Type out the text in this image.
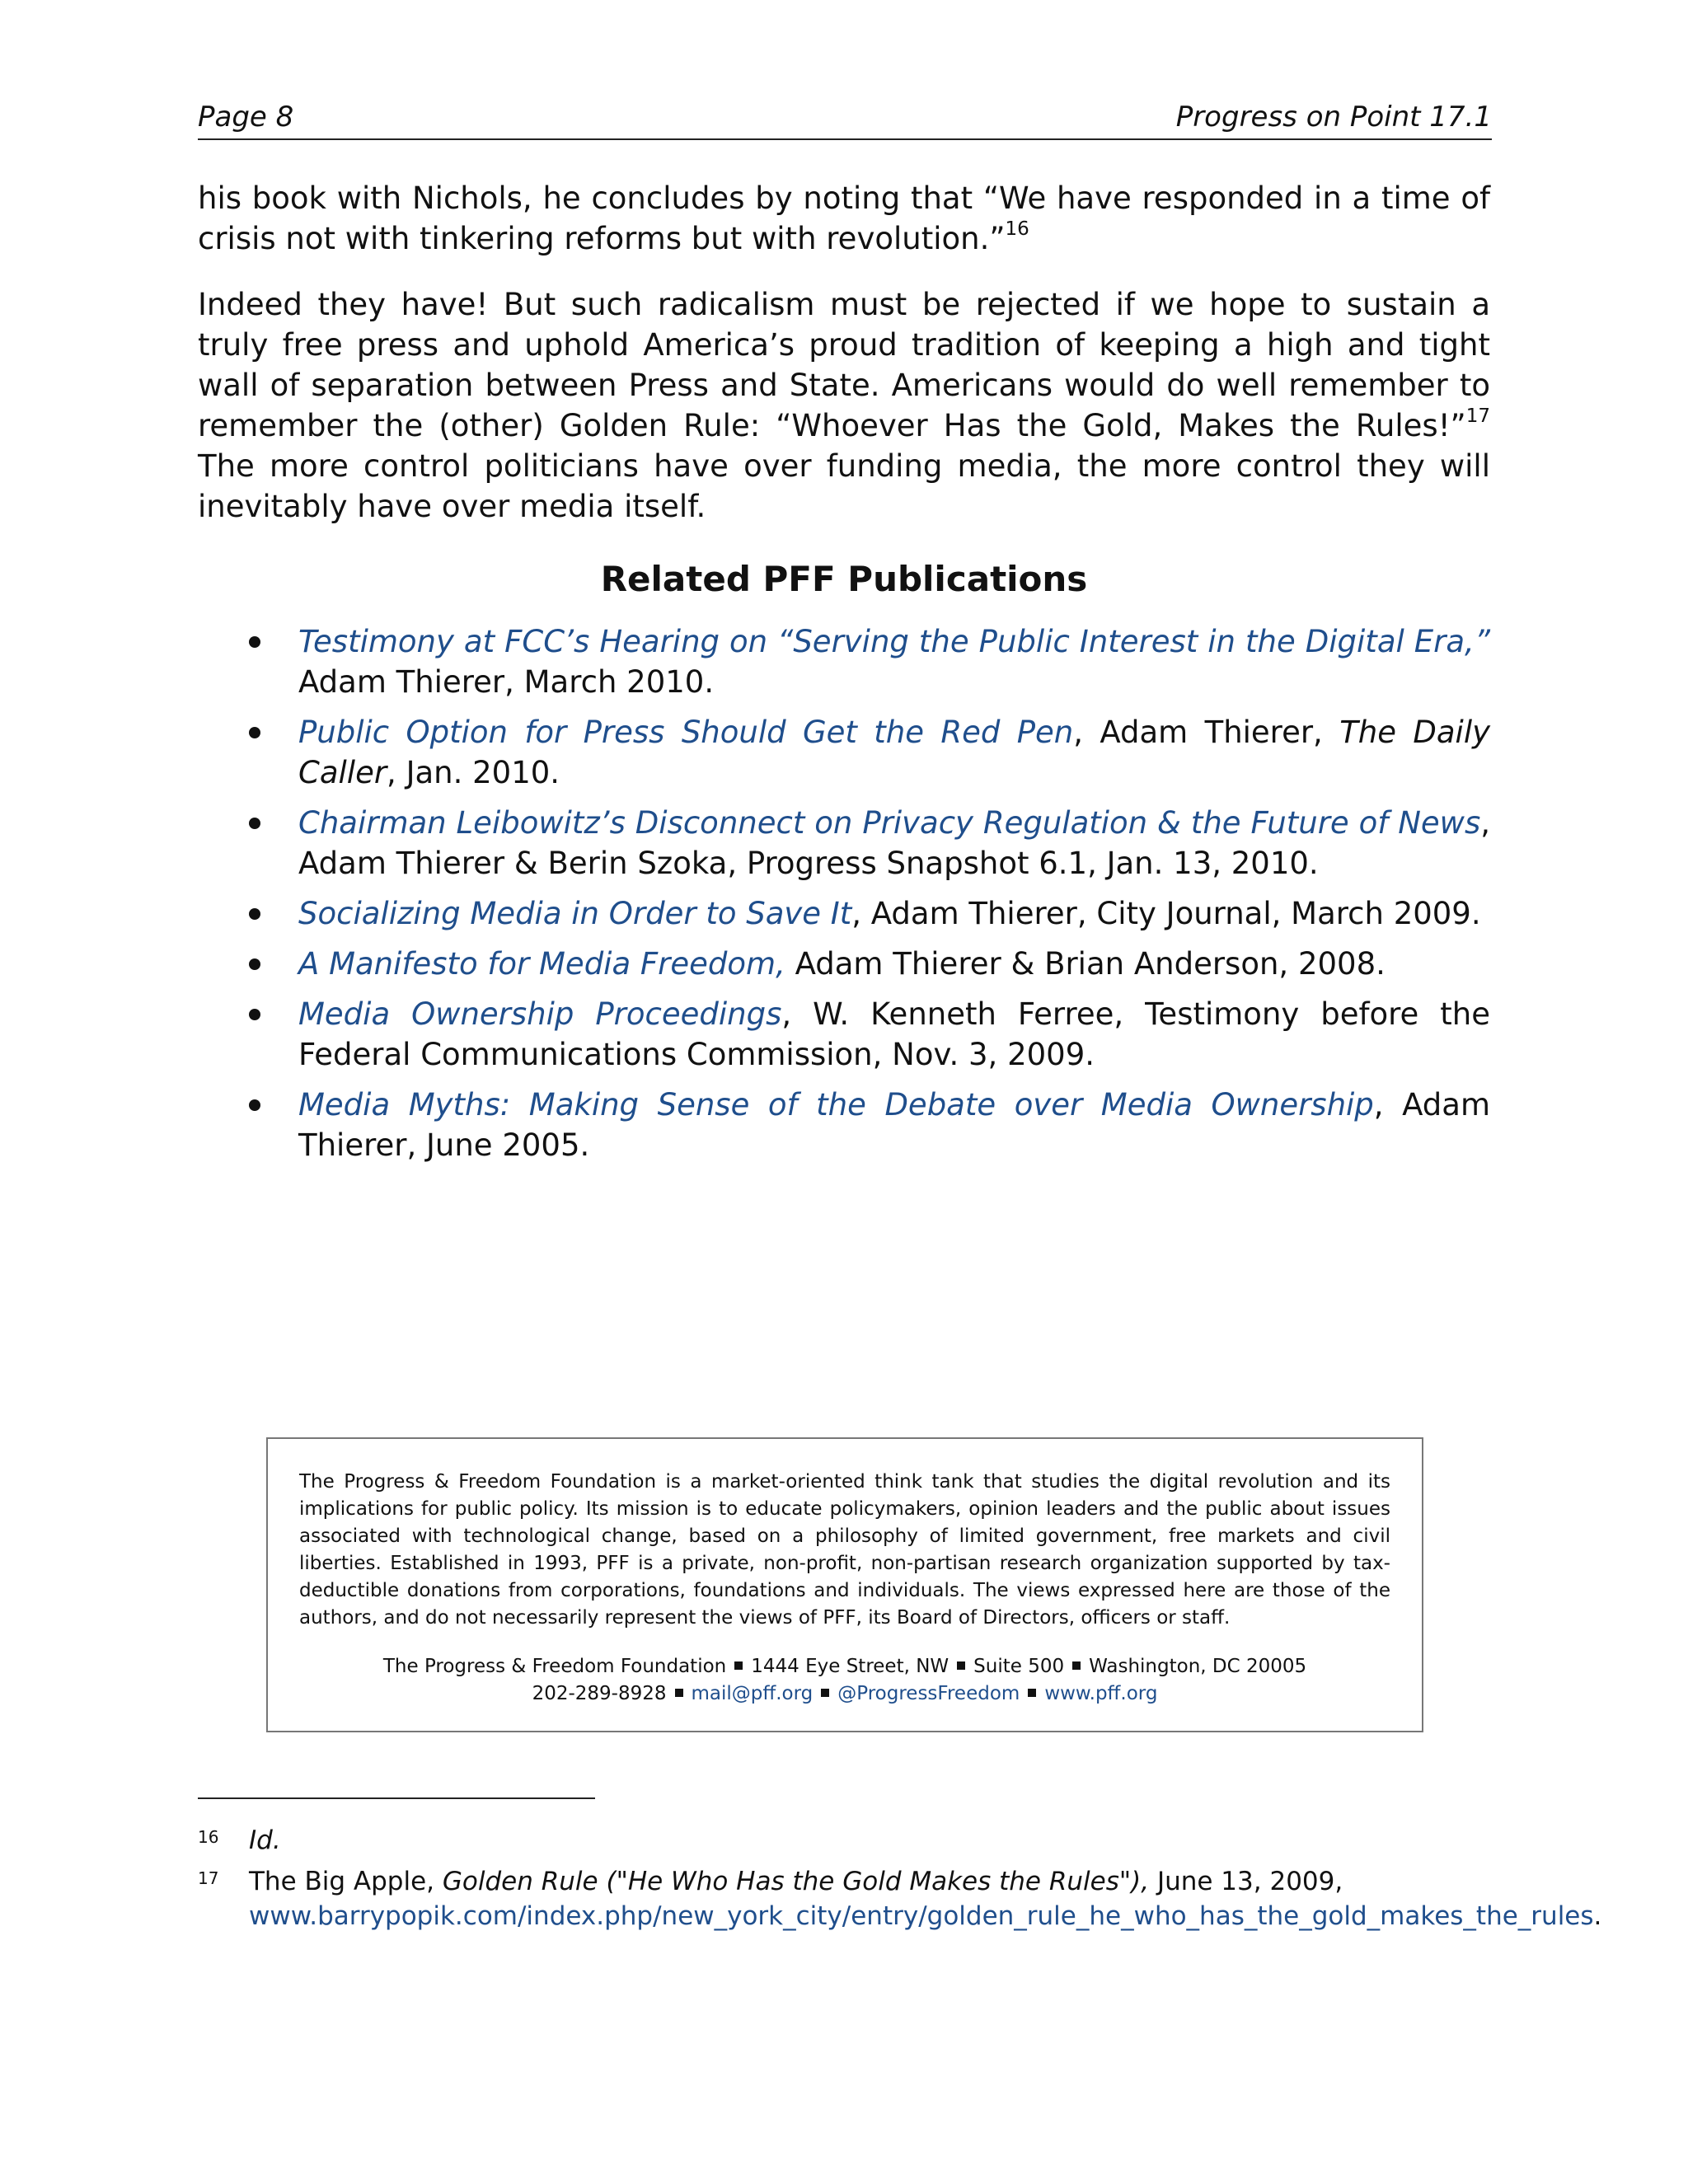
Page 8	Progress on Point 17.1
his book with Nichols, he concludes by noting that “We have responded in a time of crisis not with tinkering reforms but with revolution.”$^{16}$
Indeed they have! But such radicalism must be rejected if we hope to sustain a truly free press and uphold America’s proud tradition of keeping a high and tight wall of separation between Press and State. Americans would do well remember to remember the (other) Golden Rule: “Whoever Has the Gold, Makes the Rules!”$^{17}$ The more control politicians have over funding media, the more control they will inevitably have over media itself.
Related PFF Publications
Testimony at FCC’s Hearing on “Serving the Public Interest in the Digital Era,” Adam Thierer, March 2010.
Public Option for Press Should Get the Red Pen, Adam Thierer, The Daily Caller, Jan. 2010.
Chairman Leibowitz’s Disconnect on Privacy Regulation & the Future of News, Adam Thierer & Berin Szoka, Progress Snapshot 6.1, Jan. 13, 2010.
Socializing Media in Order to Save It, Adam Thierer, City Journal, March 2009.
A Manifesto for Media Freedom, Adam Thierer & Brian Anderson, 2008.
Media Ownership Proceedings, W. Kenneth Ferree, Testimony before the Federal Communications Commission, Nov. 3, 2009.
Media Myths: Making Sense of the Debate over Media Ownership, Adam Thierer, June 2005.

The Progress & Freedom Foundation is a market-oriented think tank that studies the digital revolution and its implications for public policy. Its mission is to educate policymakers, opinion leaders and the public about issues associated with technological change, based on a philosophy of limited government, free markets and civil liberties. Established in 1993, PFF is a private, non-profit, non-partisan research organization supported by tax-deductible donations from corporations, foundations and individuals. The views expressed here are those of the authors, and do not necessarily represent the views of PFF, its Board of Directors, officers or staff.

The Progress & Freedom Foundation 1444 Eye Street, NW Suite 500 Washington, DC 20005
202-289-8928 mail@pff.org @ProgressFreedom www.pff.org
16 Id.
17 The Big Apple, Golden Rule ("He Who Has the Gold Makes the Rules"), June 13, 2009,
www.barrypopik.com/index.php/new_york_city/entry/golden_rule_he_who_has_the_gold_makes_the_rules.
